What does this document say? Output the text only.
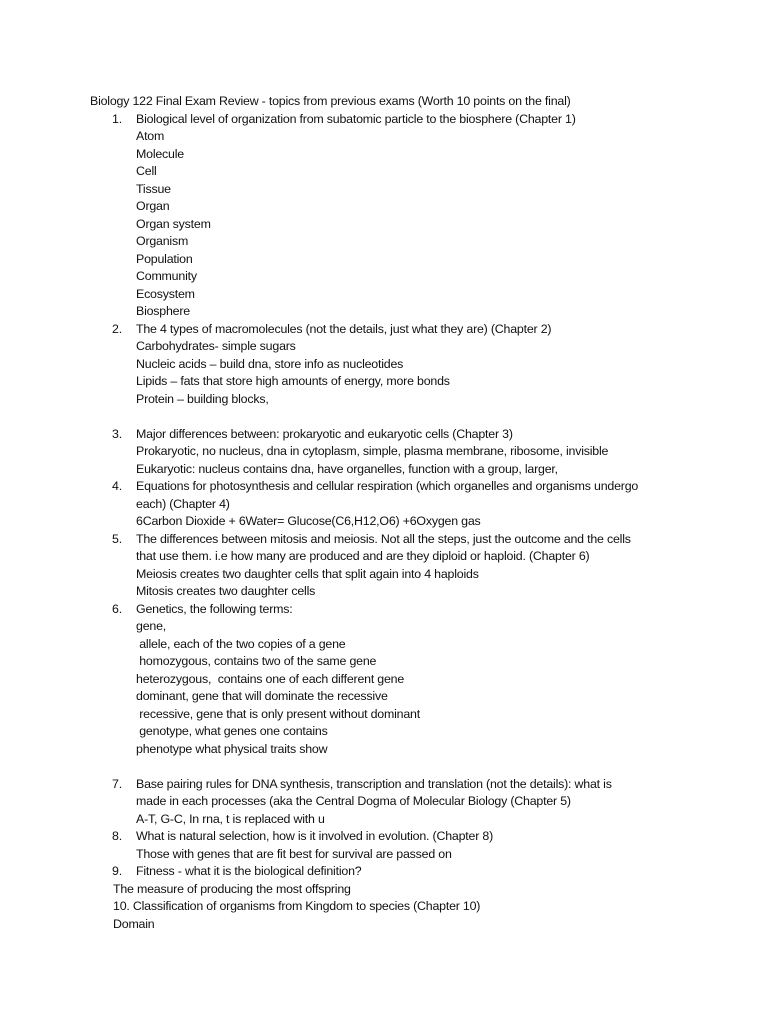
Biology 122 Final Exam Review - topics from previous exams (Worth 10 points on the final)
1. Biological level of organization from subatomic particle to the biosphere (Chapter 1)
Atom
Molecule
Cell
Tissue
Organ
Organ system
Organism
Population
Community
Ecosystem
Biosphere
2. The 4 types of macromolecules (not the details, just what they are) (Chapter 2)
Carbohydrates- simple sugars
Nucleic acids – build dna, store info as nucleotides
Lipids – fats that store high amounts of energy, more bonds
Protein – building blocks,
3. Major differences between: prokaryotic and eukaryotic cells (Chapter 3)
Prokaryotic, no nucleus, dna in cytoplasm, simple, plasma membrane, ribosome, invisible
Eukaryotic: nucleus contains dna, have organelles, function with a group, larger,
4. Equations for photosynthesis and cellular respiration (which organelles and organisms undergo
each) (Chapter 4)
6Carbon Dioxide + 6Water= Glucose(C6,H12,O6) +6Oxygen gas
5. The differences between mitosis and meiosis. Not all the steps, just the outcome and the cells
that use them. i.e how many are produced and are they diploid or haploid. (Chapter 6)
Meiosis creates two daughter cells that split again into 4 haploids
Mitosis creates two daughter cells
6. Genetics, the following terms:
gene,
allele, each of the two copies of a gene
homozygous, contains two of the same gene
heterozygous,  contains one of each different gene
dominant, gene that will dominate the recessive
recessive, gene that is only present without dominant
genotype, what genes one contains
phenotype what physical traits show
7. Base pairing rules for DNA synthesis, transcription and translation (not the details): what is
made in each processes (aka the Central Dogma of Molecular Biology (Chapter 5)
A-T, G-C, In rna, t is replaced with u
8. What is natural selection, how is it involved in evolution. (Chapter 8)
Those with genes that are fit best for survival are passed on
9. Fitness - what it is the biological definition?
The measure of producing the most offspring
10. Classification of organisms from Kingdom to species (Chapter 10)
Domain
